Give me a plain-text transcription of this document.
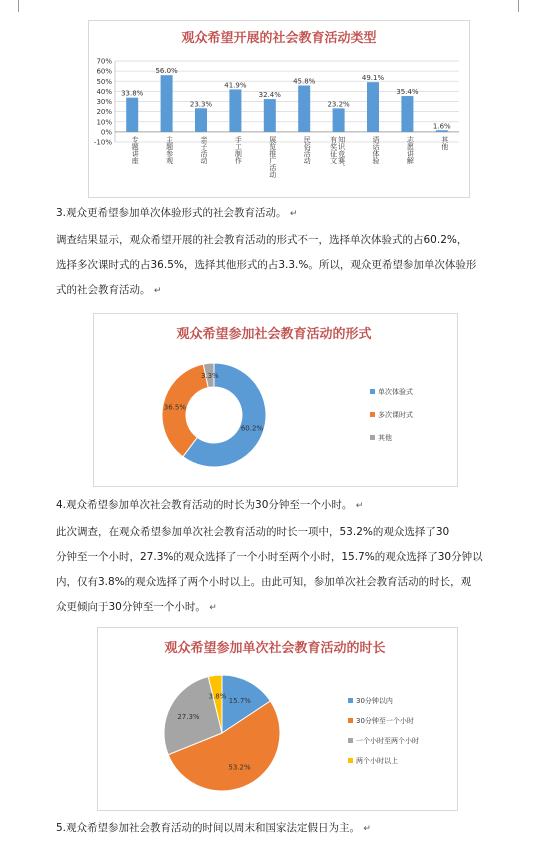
观众希望开展的社会教育活动类型
-10%
0%
10%
20%
30%
40%
50%
60%
70%
33.8%
专题讲座
56.0%
主题参观
23.3%
亲子活动
41.9%
手工制作
32.4%
展览推广活动
45.8%
民俗活动
23.2%
知识竞赛、
有奖征文
49.1%
语话体验
35.4%
志愿讲解
1.6%
其他
3.观众更希望参加单次体验形式的社会教育活动。 ↵
调查结果显示，观众希望开展的社会教育活动的形式不一，选择单次体验式的占60.2%，
选择多次课时式的占36.5%，选择其他形式的占3.3.%。所以，观众更希望参加单次体验形
式的社会教育活动。 ↵
观众希望参加社会教育活动的形式
60.2%
36.5%
3.3%
单次体验式
多次课时式
其他
4.观众希望参加单次社会教育活动的时长为30分钟至一个小时。 ↵
此次调查，在观众希望参加单次社会教育活动的时长一项中，53.2%的观众选择了30
分钟至一个小时，27.3%的观众选择了一个小时至两个小时，15.7%的观众选择了30分钟以
内，仅有3.8%的观众选择了两个小时以上。由此可知，参加单次社会教育活动的时长，观
众更倾向于30分钟至一个小时。 ↵
观众希望参加单次社会教育活动的时长
15.7%
53.2%
27.3%
3.8%
30分钟以内
30分钟至一个小时
一个小时至两个小时
两个小时以上
5.观众希望参加社会教育活动的时间以周末和国家法定假日为主。 ↵
